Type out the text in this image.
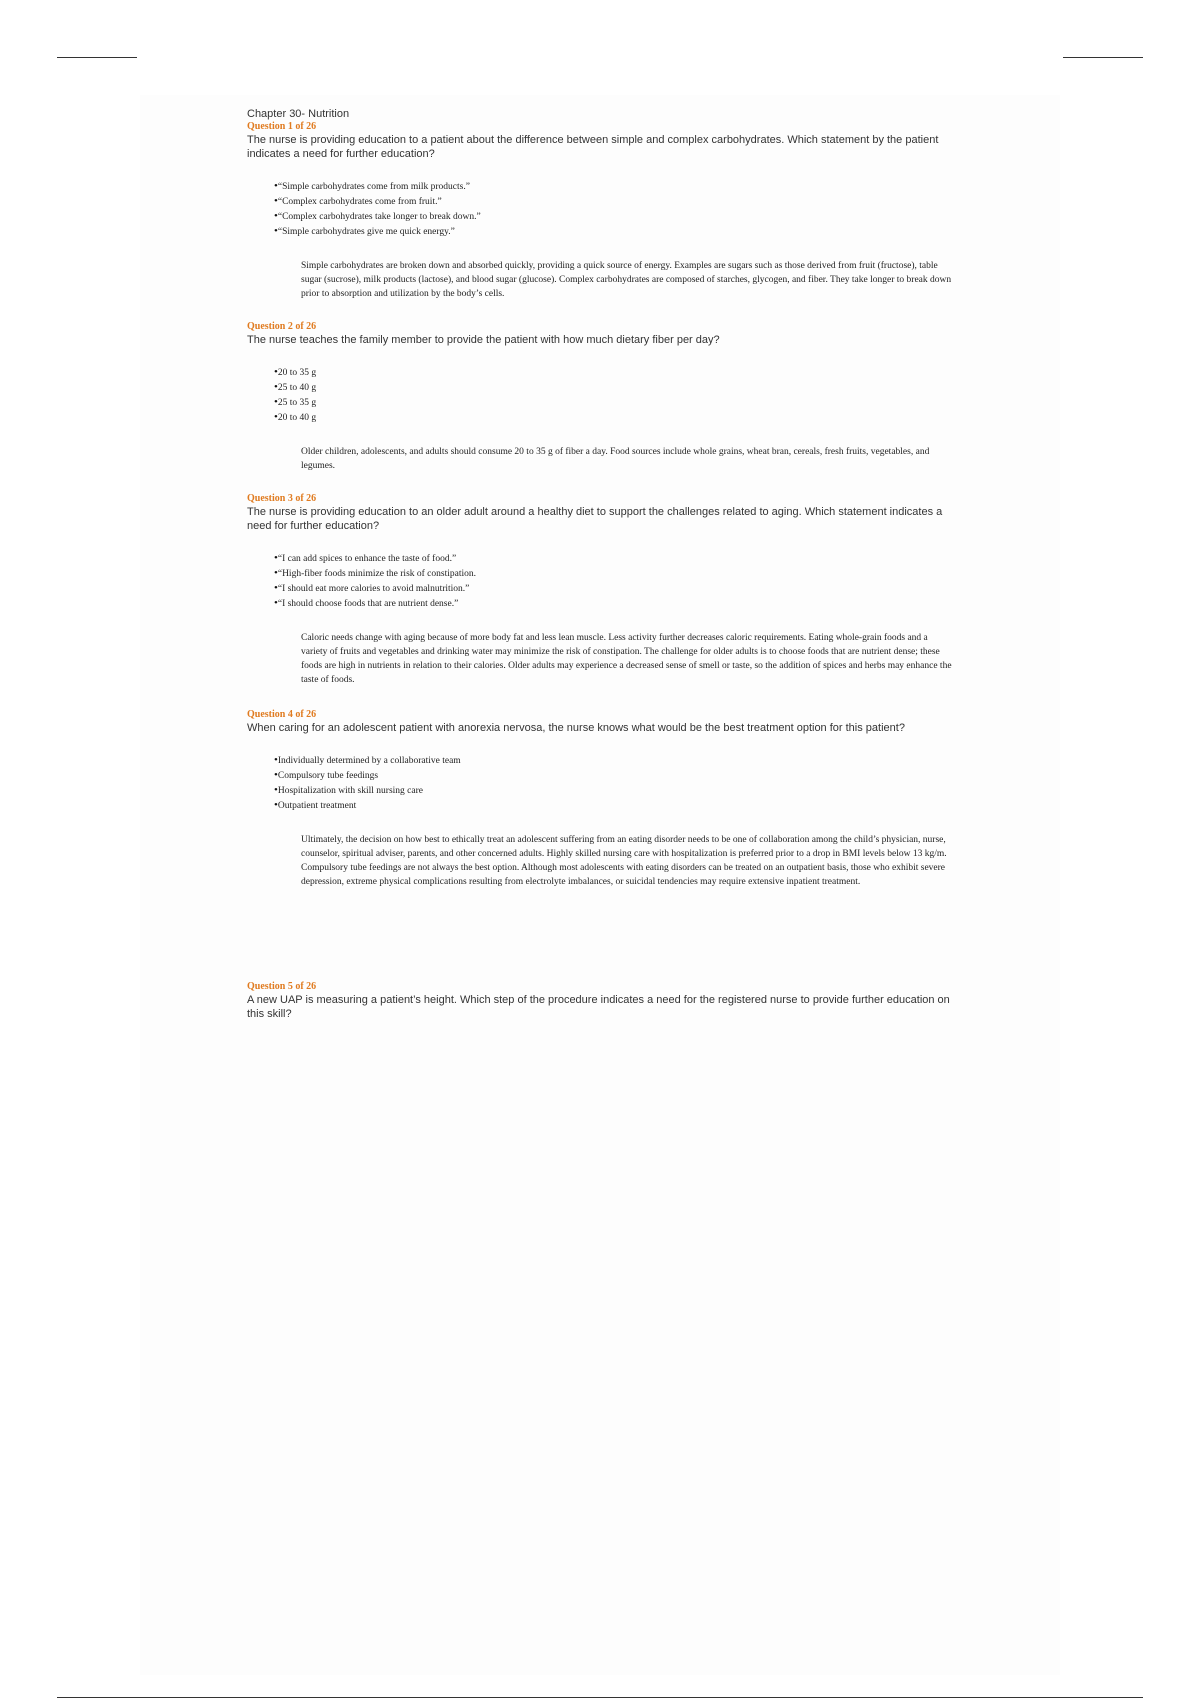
Chapter 30- Nutrition
Question 1 of 26
The nurse is providing education to a patient about the difference between simple and complex carbohydrates. Which statement by the patient indicates a need for further education?
• “Simple carbohydrates come from milk products.”
• “Complex carbohydrates come from fruit.”
• “Complex carbohydrates take longer to break down.”
• “Simple carbohydrates give me quick energy.”
Simple carbohydrates are broken down and absorbed quickly, providing a quick source of energy. Examples are sugars such as those derived from fruit (fructose), table sugar (sucrose), milk products (lactose), and blood sugar (glucose). Complex carbohydrates are composed of starches, glycogen, and fiber. They take longer to break down prior to absorption and utilization by the body’s cells.
Question 2 of 26
The nurse teaches the family member to provide the patient with how much dietary fiber per day?
• 20 to 35 g
• 25 to 40 g
• 25 to 35 g
• 20 to 40 g
Older children, adolescents, and adults should consume 20 to 35 g of fiber a day. Food sources include whole grains, wheat bran, cereals, fresh fruits, vegetables, and legumes.
Question 3 of 26
The nurse is providing education to an older adult around a healthy diet to support the challenges related to aging. Which statement indicates a need for further education?
• “I can add spices to enhance the taste of food.”
• “High-fiber foods minimize the risk of constipation.
• “I should eat more calories to avoid malnutrition.”
• “I should choose foods that are nutrient dense.”
Caloric needs change with aging because of more body fat and less lean muscle. Less activity further decreases caloric requirements. Eating whole-grain foods and a variety of fruits and vegetables and drinking water may minimize the risk of constipation. The challenge for older adults is to choose foods that are nutrient dense; these foods are high in nutrients in relation to their calories. Older adults may experience a decreased sense of smell or taste, so the addition of spices and herbs may enhance the taste of foods.
Question 4 of 26
When caring for an adolescent patient with anorexia nervosa, the nurse knows what would be the best treatment option for this patient?
• Individually determined by a collaborative team
• Compulsory tube feedings
• Hospitalization with skill nursing care
• Outpatient treatment
Ultimately, the decision on how best to ethically treat an adolescent suffering from an eating disorder needs to be one of collaboration among the child’s physician, nurse, counselor, spiritual adviser, parents, and other concerned adults. Highly skilled nursing care with hospitalization is preferred prior to a drop in BMI levels below 13 kg/m. Compulsory tube feedings are not always the best option. Although most adolescents with eating disorders can be treated on an outpatient basis, those who exhibit severe depression, extreme physical complications resulting from electrolyte imbalances, or suicidal tendencies may require extensive inpatient treatment.
Question 5 of 26
A new UAP is measuring a patient’s height. Which step of the procedure indicates a need for the registered nurse to provide further education on this skill?
